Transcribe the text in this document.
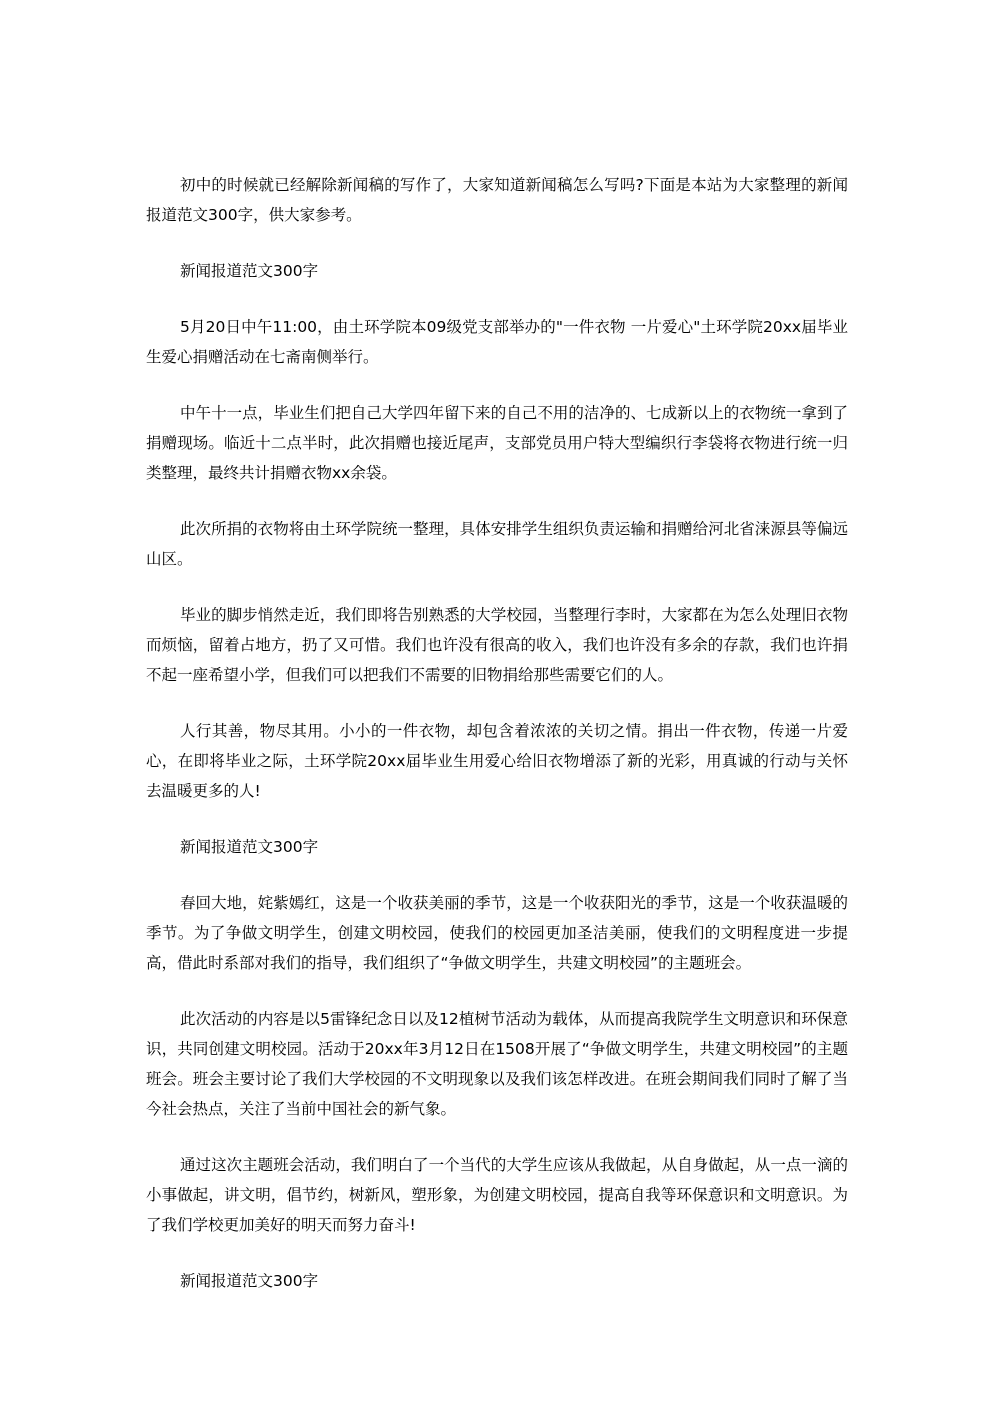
初中的时候就已经解除新闻稿的写作了，大家知道新闻稿怎么写吗?下面是本站为大家整理的新闻报道范文300字，供大家参考。

新闻报道范文300字

5月20日中午11:00，由土环学院本09级党支部举办的"一件衣物 一片爱心"土环学院20xx届毕业生爱心捐赠活动在七斋南侧举行。

中午十一点，毕业生们把自己大学四年留下来的自己不用的洁净的、七成新以上的衣物统一拿到了捐赠现场。临近十二点半时，此次捐赠也接近尾声，支部党员用户特大型编织行李袋将衣物进行统一归类整理，最终共计捐赠衣物xx余袋。

此次所捐的衣物将由土环学院统一整理，具体安排学生组织负责运输和捐赠给河北省涞源县等偏远山区。

毕业的脚步悄然走近，我们即将告别熟悉的大学校园，当整理行李时，大家都在为怎么处理旧衣物而烦恼，留着占地方，扔了又可惜。我们也许没有很高的收入，我们也许没有多余的存款，我们也许捐不起一座希望小学，但我们可以把我们不需要的旧物捐给那些需要它们的人。

人行其善，物尽其用。小小的一件衣物，却包含着浓浓的关切之情。捐出一件衣物，传递一片爱心，在即将毕业之际，土环学院20xx届毕业生用爱心给旧衣物增添了新的光彩，用真诚的行动与关怀去温暖更多的人!

新闻报道范文300字

春回大地，姹紫嫣红，这是一个收获美丽的季节，这是一个收获阳光的季节，这是一个收获温暖的季节。为了争做文明学生，创建文明校园，使我们的校园更加圣洁美丽，使我们的文明程度进一步提高，借此时系部对我们的指导，我们组织了“争做文明学生，共建文明校园”的主题班会。

此次活动的内容是以5雷锋纪念日以及12植树节活动为载体，从而提高我院学生文明意识和环保意识，共同创建文明校园。活动于20xx年3月12日在1508开展了“争做文明学生，共建文明校园”的主题班会。班会主要讨论了我们大学校园的不文明现象以及我们该怎样改进。在班会期间我们同时了解了当今社会热点，关注了当前中国社会的新气象。

通过这次主题班会活动，我们明白了一个当代的大学生应该从我做起，从自身做起，从一点一滴的小事做起，讲文明，倡节约，树新风，塑形象，为创建文明校园，提高自我等环保意识和文明意识。为了我们学校更加美好的明天而努力奋斗!

新闻报道范文300字
